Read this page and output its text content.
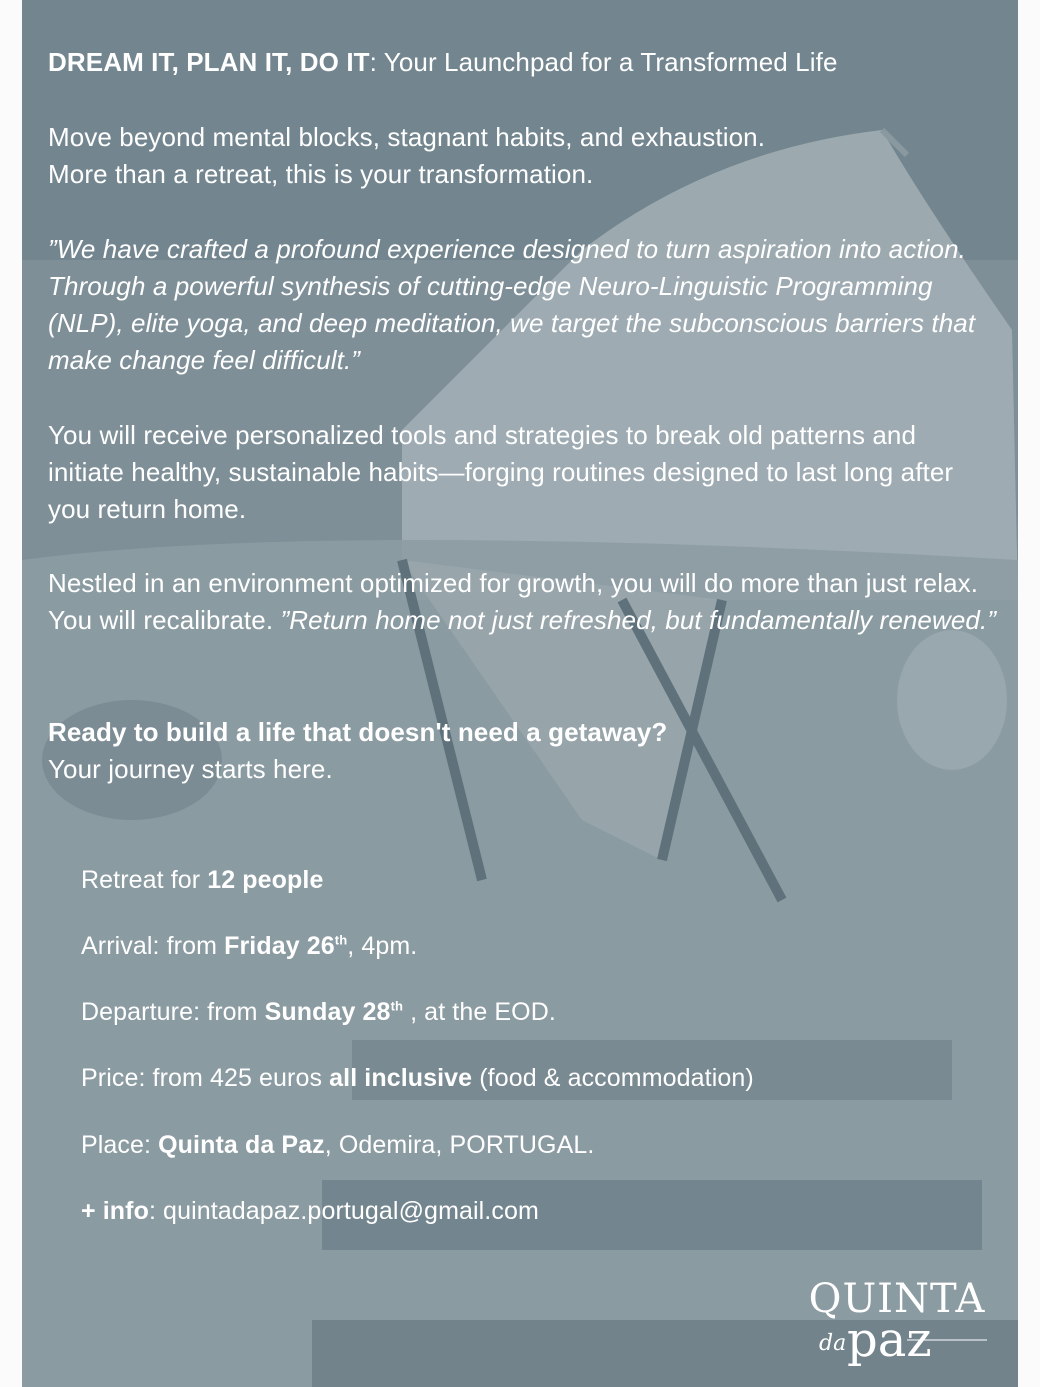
DREAM IT, PLAN IT, DO IT: Your Launchpad for a Transformed Life

Move beyond mental blocks, stagnant habits, and exhaustion.

More than a retreat, this is your transformation.

”We have crafted a profound experience designed to turn aspiration into action. Through a powerful synthesis of cutting-edge Neuro-Linguistic Programming (NLP), elite yoga, and deep meditation, we target the subconscious barriers that make change feel difficult.”

You will receive personalized tools and strategies to break old patterns and initiate healthy, sustainable habits—forging routines designed to last long after you return home.

Nestled in an environment optimized for growth, you will do more than just relax. You will recalibrate. ”Return home not just refreshed, but fundamentally renewed.”

Ready to build a life that doesn't need a getaway?

Your journey starts here.

Retreat for 12 people

Arrival: from Friday 26th, 4pm.

Departure: from Sunday 28th , at the EOD.

Price: from 425 euros all inclusive (food & accommodation)

Place: Quinta da Paz, Odemira, PORTUGAL.

+ info: quintadapaz.portugal@gmail.com

QUINTA
da paz
